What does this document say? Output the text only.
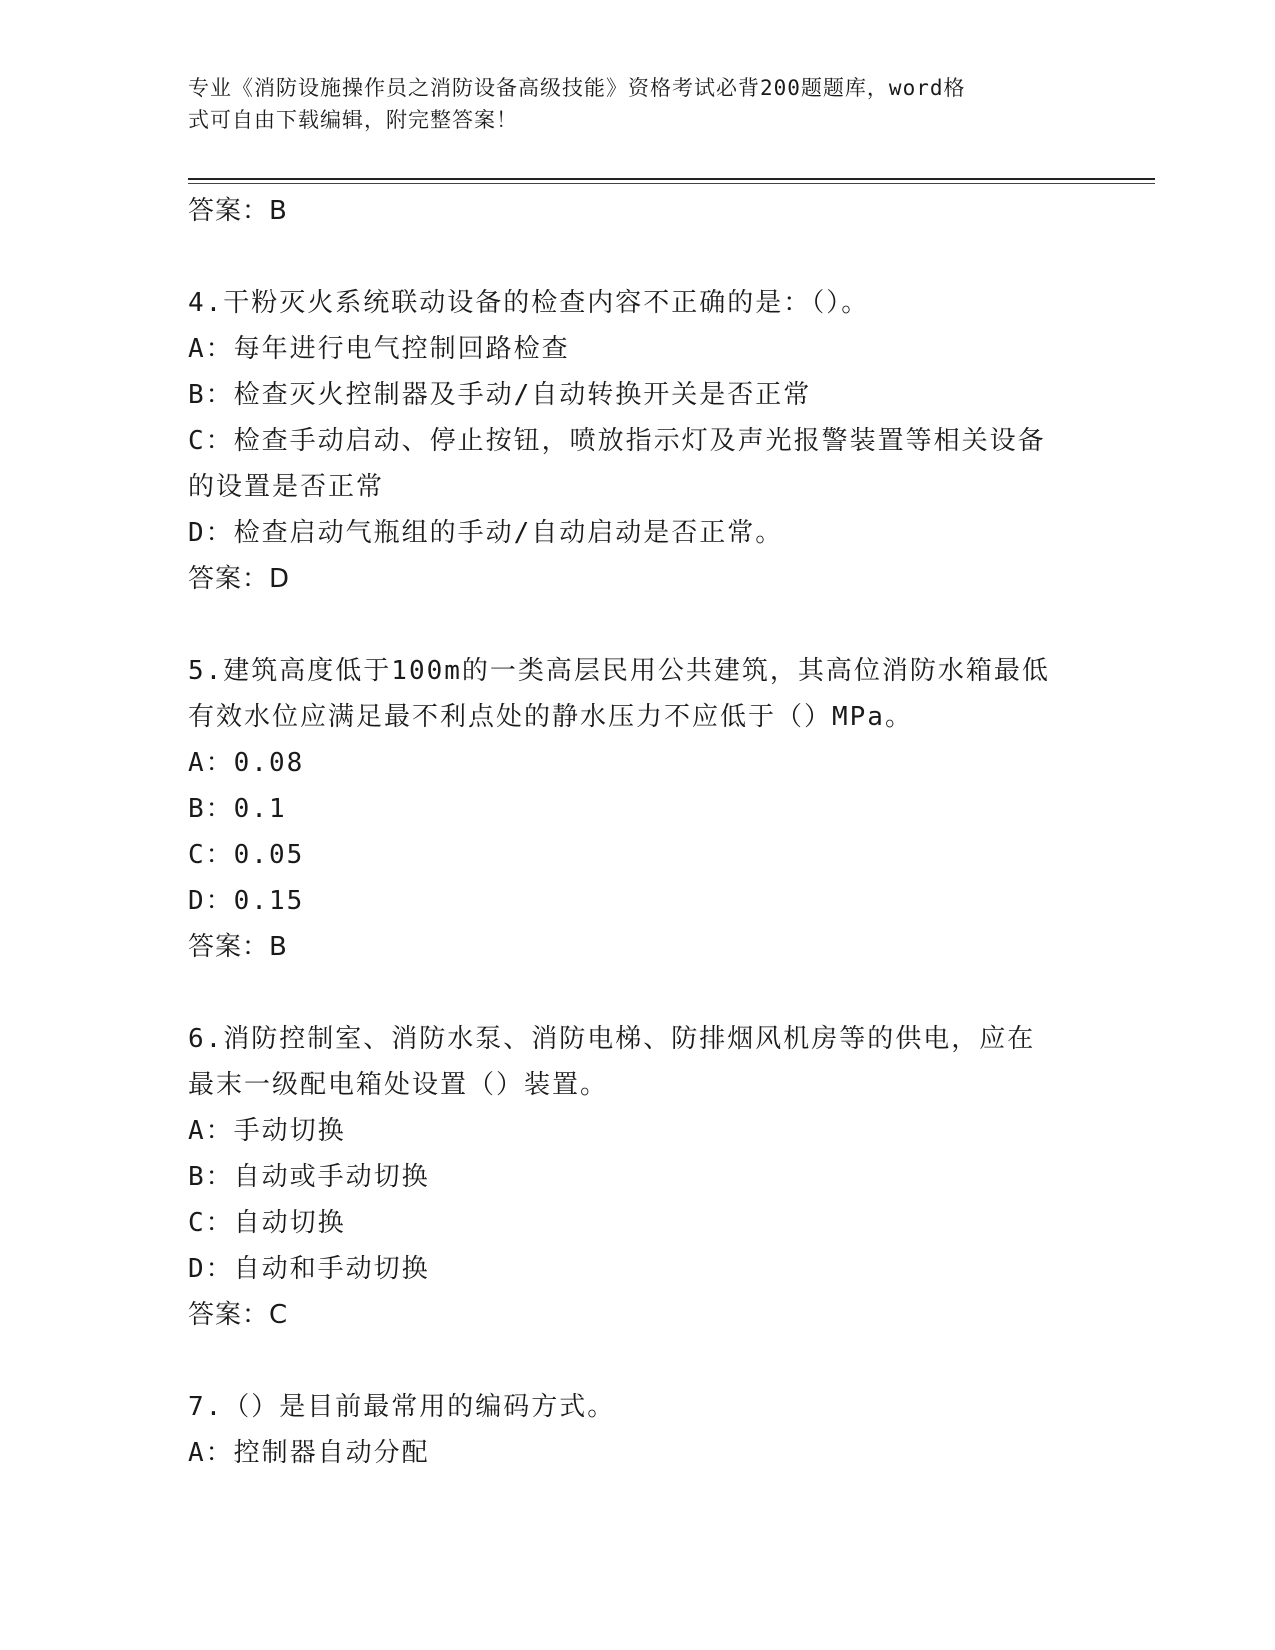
专业《消防设施操作员之消防设备高级技能》资格考试必背200题题库，word格
式可自由下载编辑，附完整答案！
答案：B
4.干粉灭火系统联动设备的检查内容不正确的是：（）。
A：每年进行电气控制回路检查
B：检查灭火控制器及手动/自动转换开关是否正常
C：检查手动启动、停止按钮，喷放指示灯及声光报警装置等相关设备
的设置是否正常
D：检查启动气瓶组的手动/自动启动是否正常。
答案：D
5.建筑高度低于100m的一类高层民用公共建筑，其高位消防水箱最低
有效水位应满足最不利点处的静水压力不应低于（）MPa。
A：0.08
B：0.1
C：0.05
D：0.15
答案：B
6.消防控制室、消防水泵、消防电梯、防排烟风机房等的供电，应在
最末一级配电箱处设置（）装置。
A：手动切换
B：自动或手动切换
C：自动切换
D：自动和手动切换
答案：C
7.（）是目前最常用的编码方式。
A：控制器自动分配
